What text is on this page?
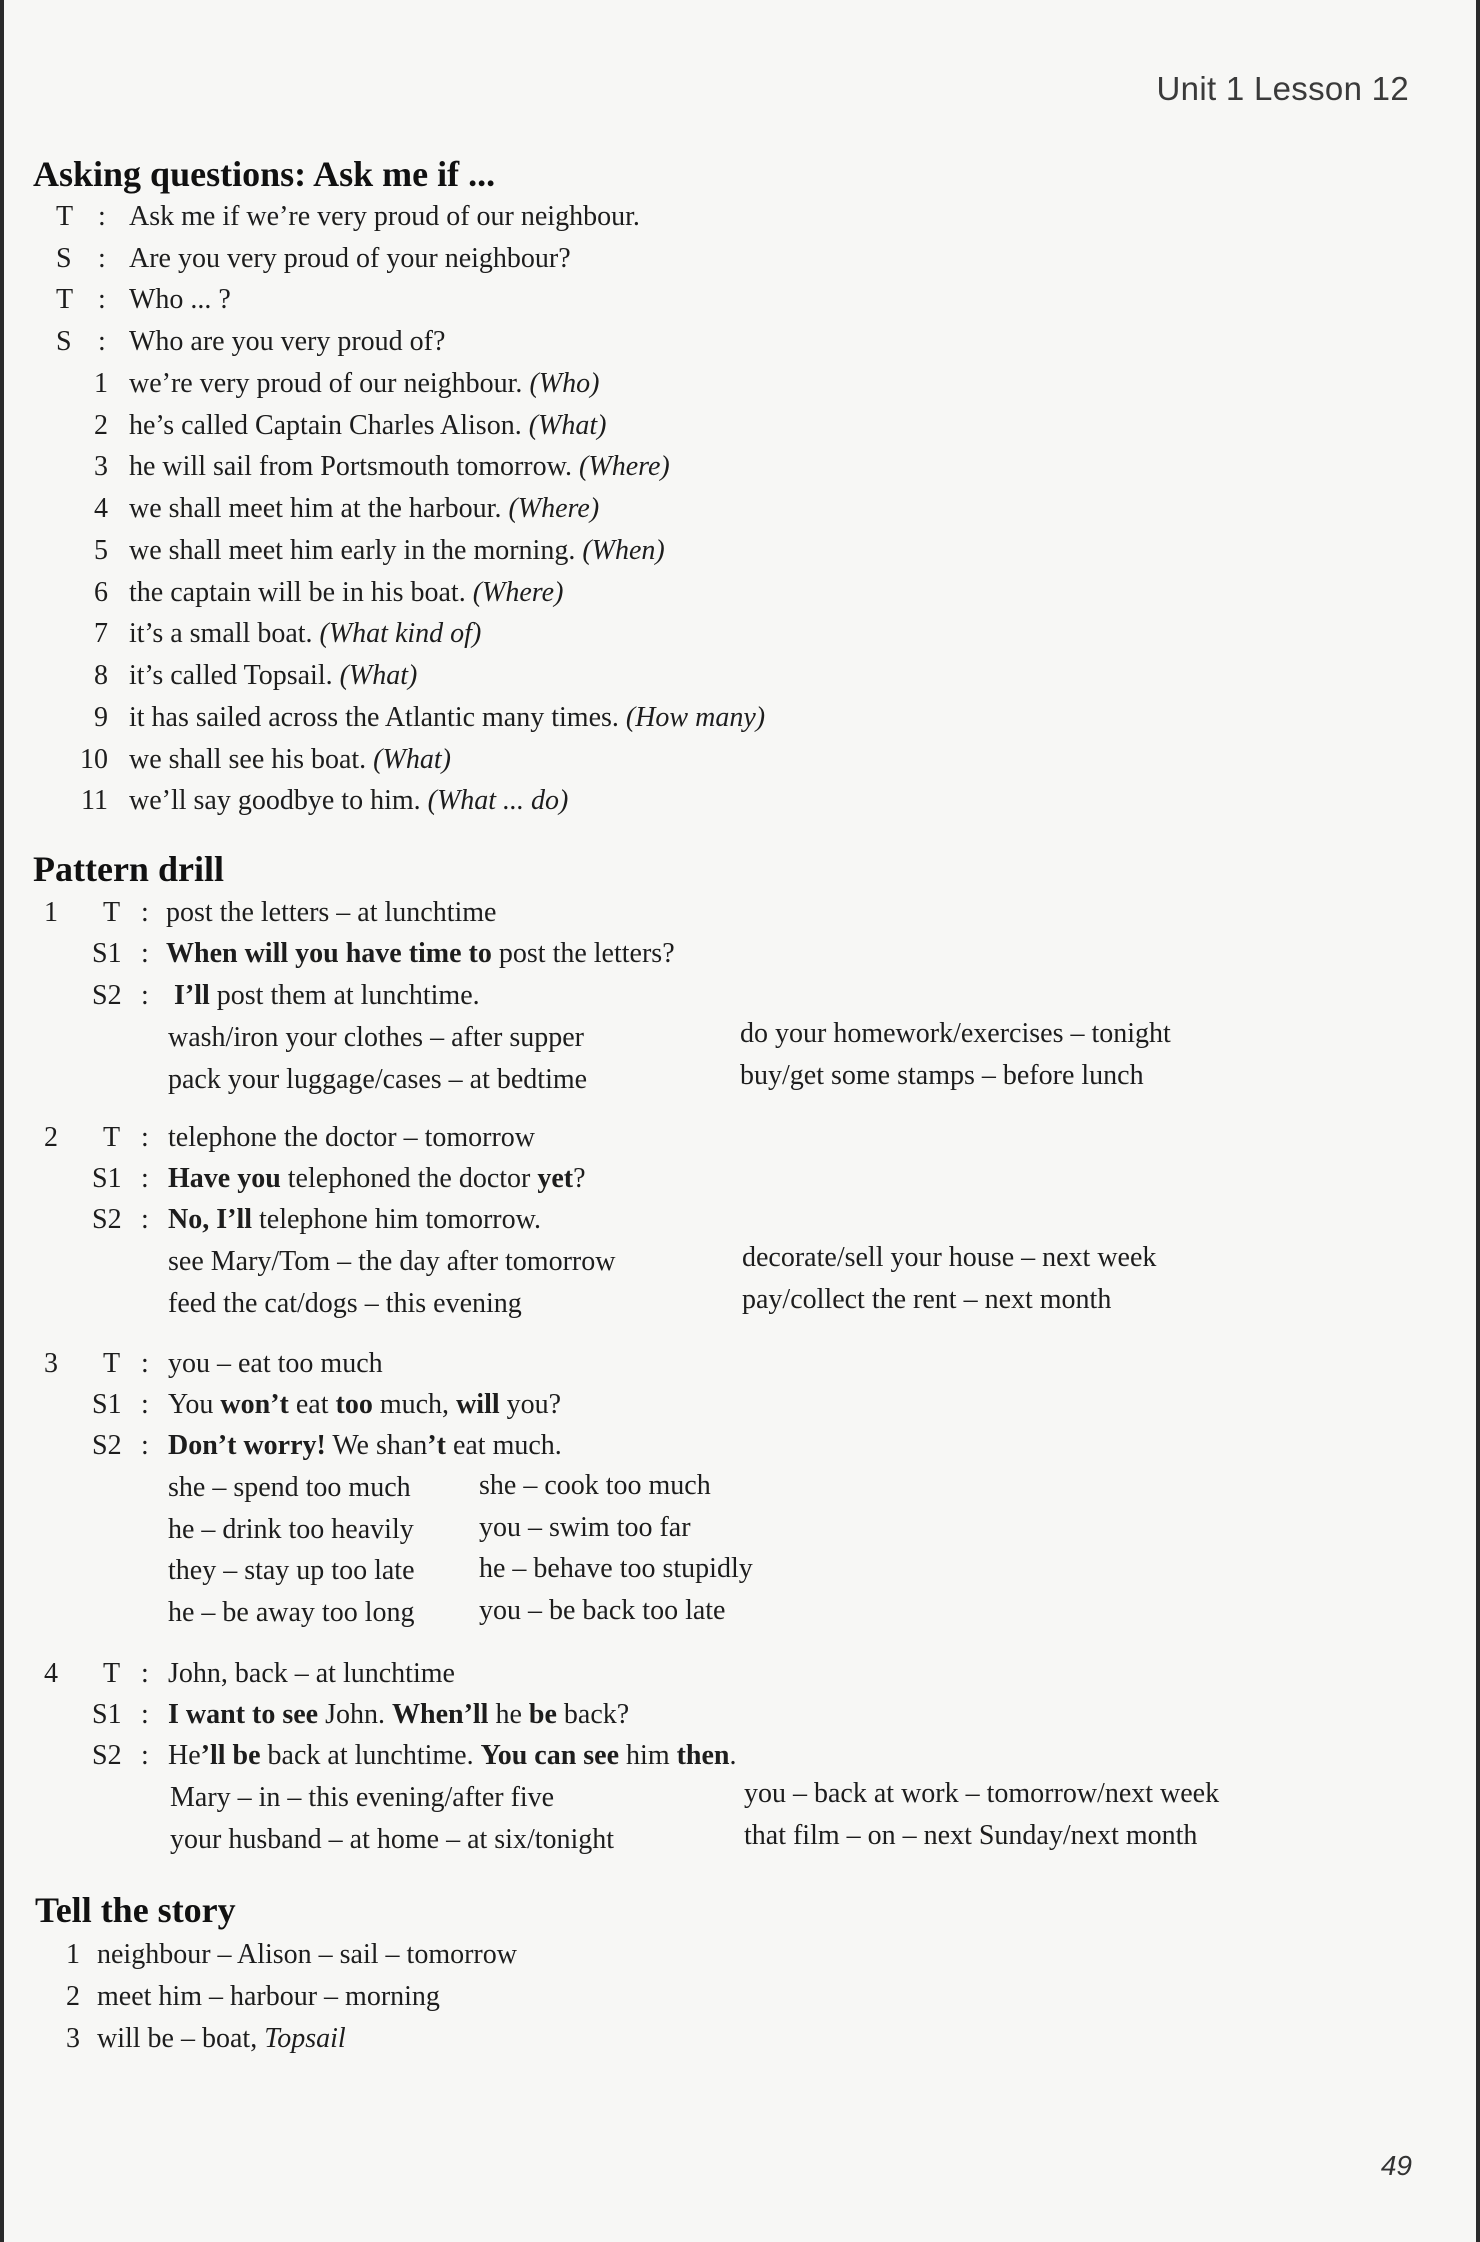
Unit 1 Lesson 12
Asking questions: Ask me if ...
T : Ask me if we’re very proud of our neighbour.
S : Are you very proud of your neighbour?
T : Who ... ?
S : Who are you very proud of?
1 we’re very proud of our neighbour. (Who)
2 he’s called Captain Charles Alison. (What)
3 he will sail from Portsmouth tomorrow. (Where)
4 we shall meet him at the harbour. (Where)
5 we shall meet him early in the morning. (When)
6 the captain will be in his boat. (Where)
7 it’s a small boat. (What kind of)
8 it’s called Topsail. (What)
9 it has sailed across the Atlantic many times. (How many)
10 we shall see his boat. (What)
11 we’ll say goodbye to him. (What ... do)
Pattern drill
1 T : post the letters – at lunchtime
S1 : When will you have time to post the letters?
S2 : I’ll post them at lunchtime.
wash/iron your clothes – after supper
pack your luggage/cases – at bedtime
do your homework/exercises – tonight
buy/get some stamps – before lunch
2 T : telephone the doctor – tomorrow
S1 : Have you telephoned the doctor yet?
S2 : No, I’ll telephone him tomorrow.
see Mary/Tom – the day after tomorrow
feed the cat/dogs – this evening
decorate/sell your house – next week
pay/collect the rent – next month
3 T : you – eat too much
S1 : You won’t eat too much, will you?
S2 : Don’t worry! We shan’t eat much.
she – spend too much
he – drink too heavily
they – stay up too late
he – be away too long
she – cook too much
you – swim too far
he – behave too stupidly
you – be back too late
4 T : John, back – at lunchtime
S1 : I want to see John. When’ll he be back?
S2 : He’ll be back at lunchtime. You can see him then.
Mary – in – this evening/after five
your husband – at home – at six/tonight
you – back at work – tomorrow/next week
that film – on – next Sunday/next month
Tell the story
1 neighbour – Alison – sail – tomorrow
2 meet him – harbour – morning
3 will be – boat, Topsail
49
